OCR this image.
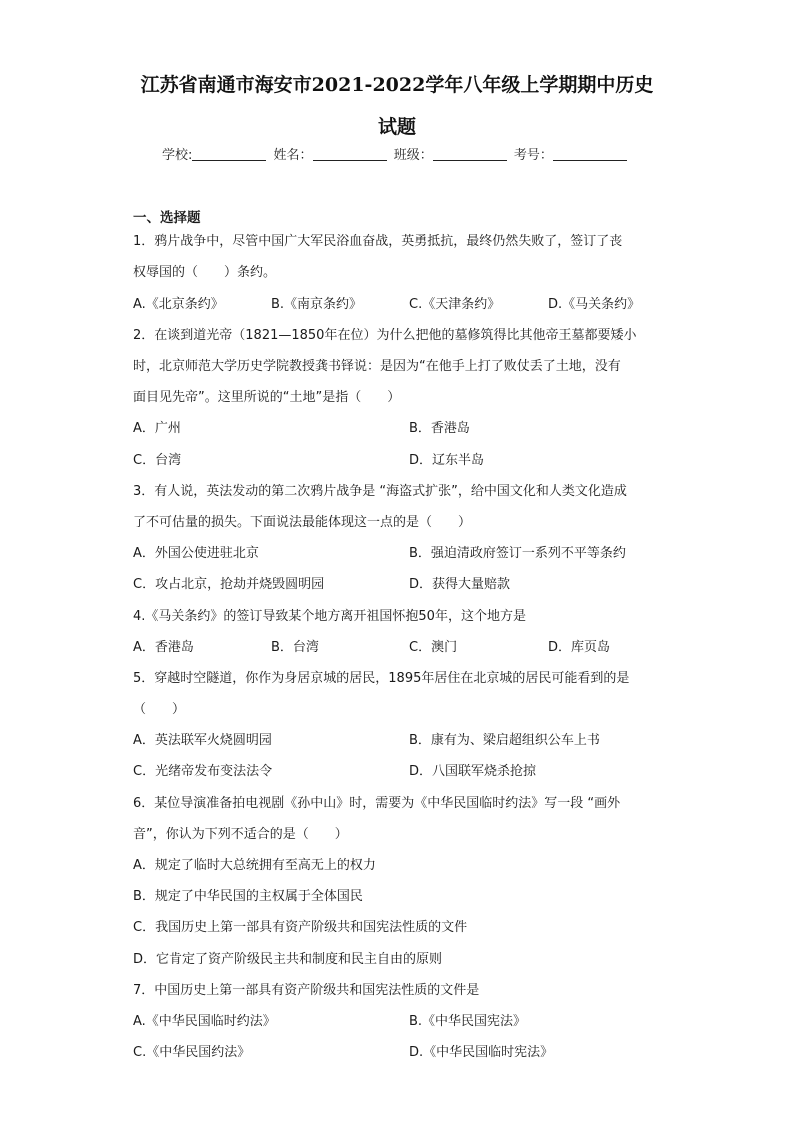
江苏省南通市海安市2021-2022学年八年级上学期期中历史
试题
学校:	姓名：	班级：	考号：
一、选择题
1．鸦片战争中，尽管中国广大军民浴血奋战，英勇抵抗，最终仍然失败了，签订了丧
权辱国的（　　）条约。
A.《北京条约》	B.《南京条约》	C.《天津条约》	D.《马关条约》
2．在谈到道光帝（1821—1850年在位）为什么把他的墓修筑得比其他帝王墓都要矮小
时，北京师范大学历史学院教授龚书铎说：是因为“在他手上打了败仗丢了土地，没有
面目见先帝”。这里所说的“土地”是指（　　）
A．广州	B．香港岛
C．台湾	D．辽东半岛
3．有人说，英法发动的第二次鸦片战争是 “海盗式扩张”，给中国文化和人类文化造成
了不可估量的损失。下面说法最能体现这一点的是（　　）
A．外国公使进驻北京	B．强迫清政府签订一系列不平等条约
C．攻占北京，抢劫并烧毁圆明园	D．获得大量赔款
4.《马关条约》的签订导致某个地方离开祖国怀抱50年，这个地方是
A．香港岛	B．台湾	C．澳门	D．库页岛
5．穿越时空隧道，你作为身居京城的居民，1895年居住在北京城的居民可能看到的是
（　　）
A．英法联军火烧圆明园	B．康有为、梁启超组织公车上书
C．光绪帝发布变法法令	D．八国联军烧杀抢掠
6．某位导演准备拍电视剧《孙中山》时，需要为《中华民国临时约法》写一段 “画外
音”，你认为下列不适合的是（　　）
A．规定了临时大总统拥有至高无上的权力
B．规定了中华民国的主权属于全体国民
C．我国历史上第一部具有资产阶级共和国宪法性质的文件
D．它肯定了资产阶级民主共和制度和民主自由的原则
7．中国历史上第一部具有资产阶级共和国宪法性质的文件是
A.《中华民国临时约法》	B.《中华民国宪法》
C.《中华民国约法》	D.《中华民国临时宪法》
